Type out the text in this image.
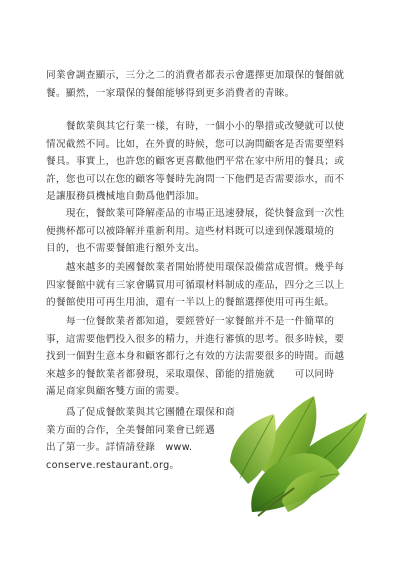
同業會調查顯示，三分之二的消費者都表示會選擇更加環保的餐館就
餐。顯然，一家環保的餐館能够得到更多消費者的青睞。

　　餐飲業與其它行業一樣，有時，一個小小的舉措或改變就可以使
情况截然不同。比如，在外賣的時候，您可以詢問顧客是否需要塑料
餐具。事實上，也許您的顧客更喜歡他們平常在家中所用的餐具；或
許，您也可以在您的顧客等餐時先詢問一下他們是否需要添水，而不
是讓服務員機械地自動爲他們添加。

　　現在，餐飲業可降解產品的市場正迅速發展，從快餐盒到一次性
便携杯都可以被降解并重新利用。這些材料既可以達到保護環境的
目的，也不需要餐館進行額外支出。

　　越來越多的美國餐飲業者開始將使用環保設備當成習慣。幾乎每
四家餐館中就有三家會購買用可循環材料制成的產品，四分之三以上
的餐館使用可再生用油，還有一半以上的餐館選擇使用可再生紙。

　　每一位餐飲業者都知道，要經營好一家餐館并不是一件簡單的
事，這需要他們投入很多的精力，并進行審慎的思考。很多時候，要
找到一個對生意本身和顧客都行之有效的方法需要很多的時間。而越
來越多的餐飲業者都發現，采取環保、節能的措施就　　可以同時
滿足商家與顧客雙方面的需要。

　　爲了促成餐飲業與其它團體在環保和商
業方面的合作，全美餐館同業會已經邁
出了第一步。詳情請登錄　www.
conserve.restaurant.org。
